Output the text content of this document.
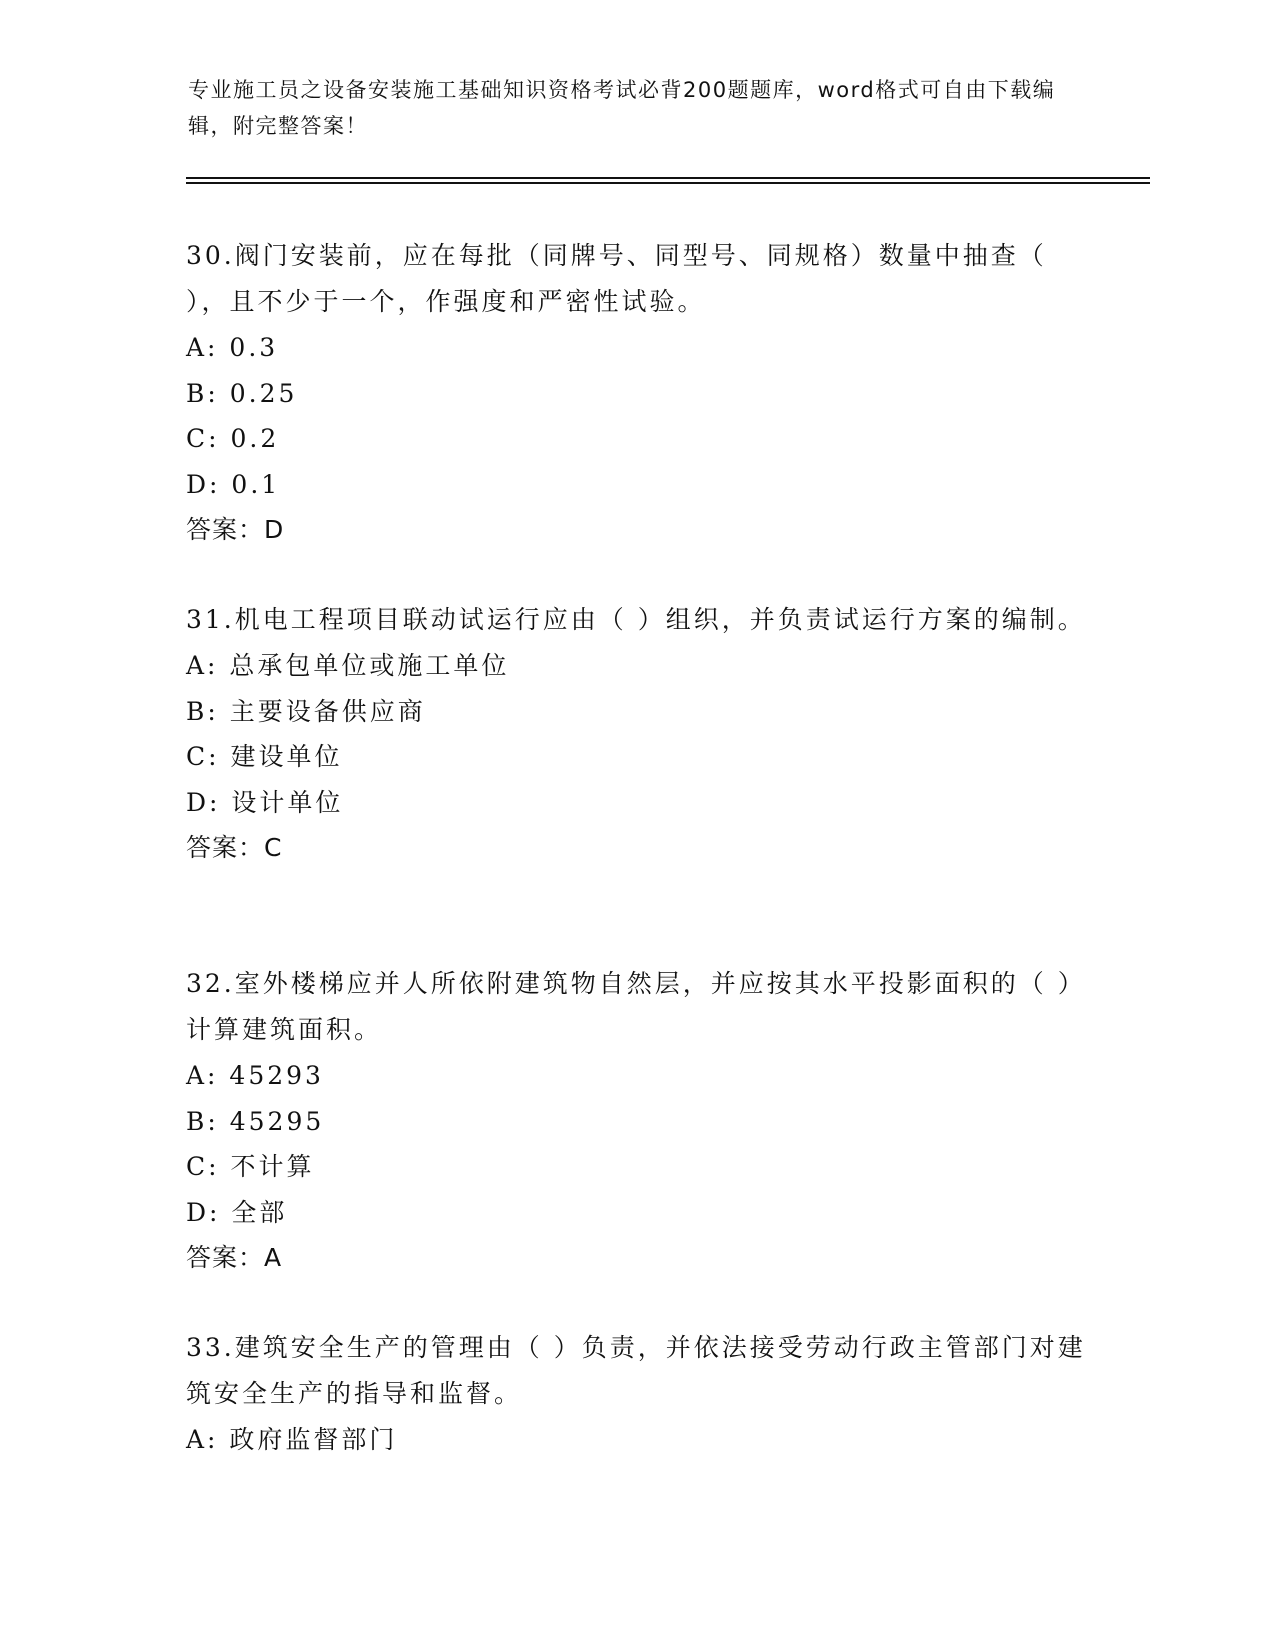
专业施工员之设备安装施工基础知识资格考试必背200题题库，word格式可自由下载编辑，附完整答案！
30.阀门安装前，应在每批（同牌号、同型号、同规格）数量中抽查（ ），且不少于一个，作强度和严密性试验。
A: 0.3
B: 0.25
C: 0.2
D: 0.1
答案：D
31.机电工程项目联动试运行应由（ ）组织，并负责试运行方案的编制。
A: 总承包单位或施工单位
B: 主要设备供应商
C: 建设单位
D: 设计单位
答案：C
32.室外楼梯应并人所依附建筑物自然层，并应按其水平投影面积的（ ）计算建筑面积。
A: 45293
B: 45295
C: 不计算
D: 全部
答案：A
33.建筑安全生产的管理由（ ）负责，并依法接受劳动行政主管部门对建筑安全生产的指导和监督。
A: 政府监督部门
